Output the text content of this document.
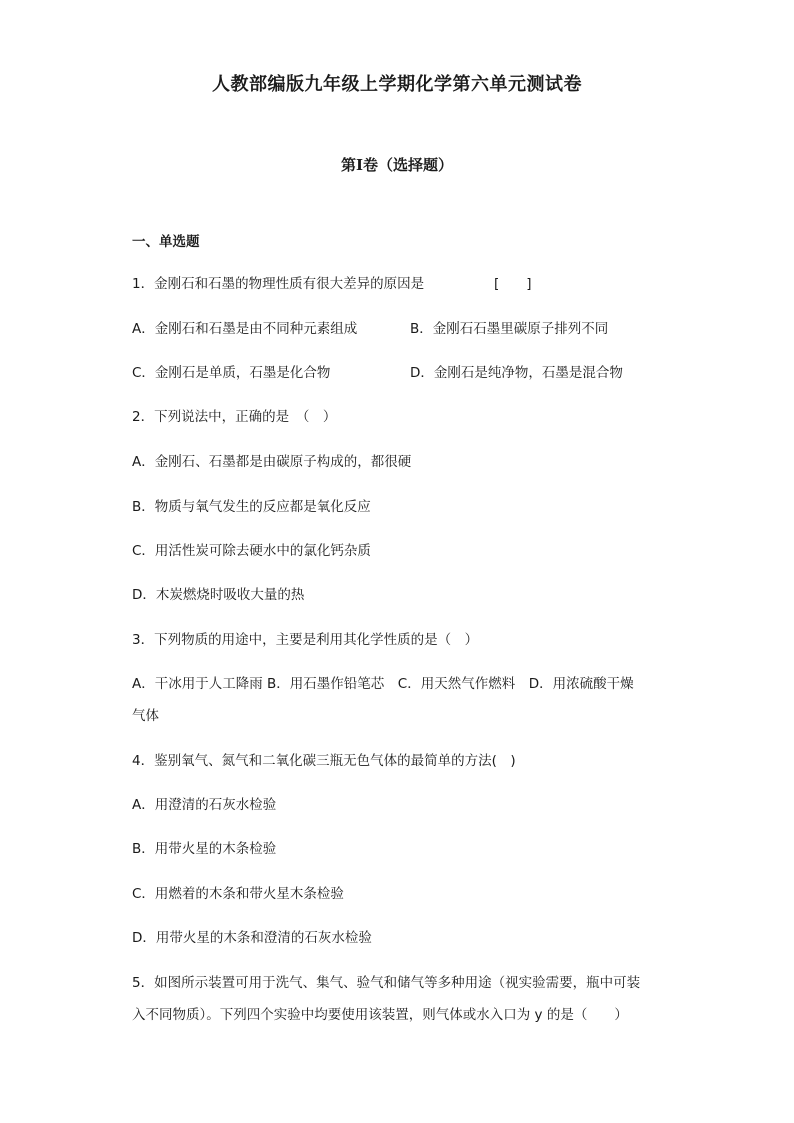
人教部编版九年级上学期化学第六单元测试卷
第I卷（选择题）
一、单选题
1．金刚石和石墨的物理性质有很大差异的原因是	[　　]
A．金刚石和石墨是由不同种元素组成	B．金刚石石墨里碳原子排列不同
C．金刚石是单质，石墨是化合物	D．金刚石是纯净物，石墨是混合物
2．下列说法中，正确的是　（　）
A．金刚石、石墨都是由碳原子构成的，都很硬
B．物质与氧气发生的反应都是氧化反应
C．用活性炭可除去硬水中的氯化钙杂质
D．木炭燃烧时吸收大量的热
3．下列物质的用途中，主要是利用其化学性质的是（　）
A．干冰用于人工降雨 B．用石墨作铅笔芯　C．用天然气作燃料　D．用浓硫酸干燥
气体
4．鉴别氧气、氮气和二氧化碳三瓶无色气体的最简单的方法(　)
A．用澄清的石灰水检验
B．用带火星的木条检验
C．用燃着的木条和带火星木条检验
D．用带火星的木条和澄清的石灰水检验
5．如图所示装置可用于洗气、集气、验气和储气等多种用途（视实验需要，瓶中可装
入不同物质）。下列四个实验中均要使用该装置，则气体或水入口为 y 的是（　　）
